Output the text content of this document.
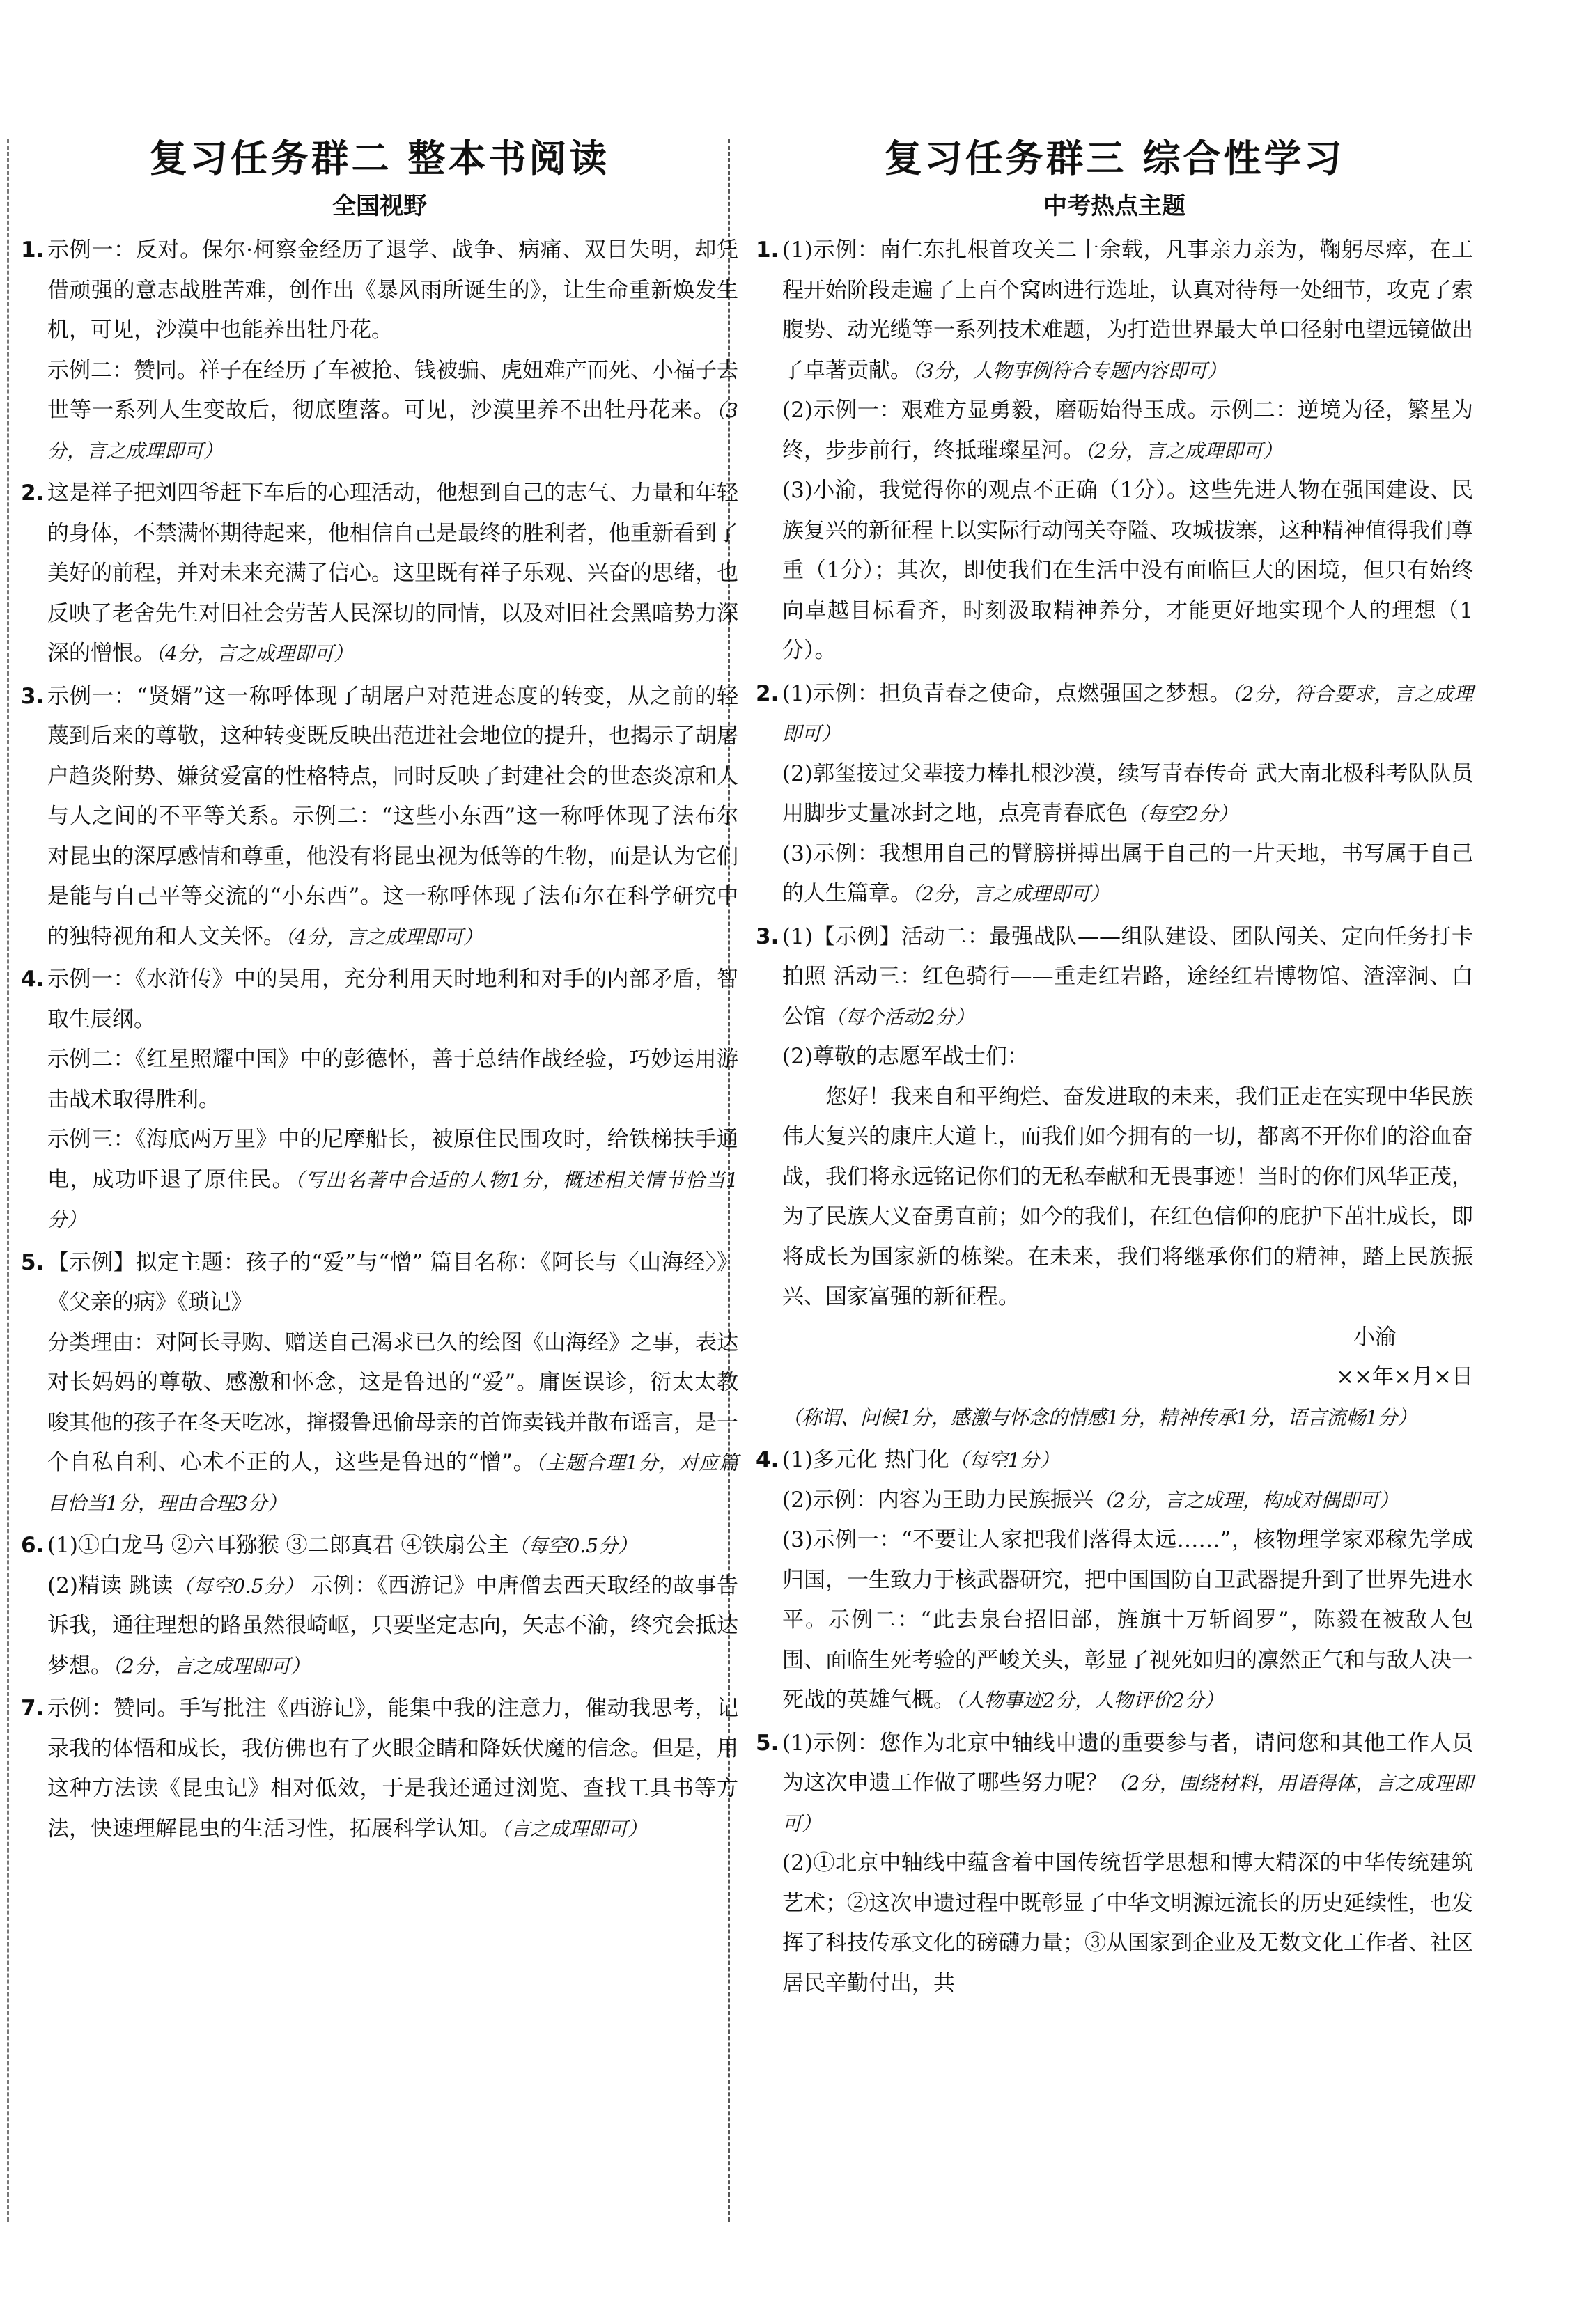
复习任务群二 整本书阅读
全国视野
1. 示例一：反对。保尔·柯察金经历了退学、战争、病痛、双目失明，却凭借顽强的意志战胜苦难，创作出《暴风雨所诞生的》，让生命重新焕发生机，可见，沙漠中也能养出牡丹花。

示例二：赞同。祥子在经历了车被抢、钱被骗、虎妞难产而死、小福子去世等一系列人生变故后，彻底堕落。可见，沙漠里养不出牡丹花来。（3分，言之成理即可）

2. 这是祥子把刘四爷赶下车后的心理活动，他想到自己的志气、力量和年轻的身体，不禁满怀期待起来，他相信自己是最终的胜利者，他重新看到了美好的前程，并对未来充满了信心。这里既有祥子乐观、兴奋的思绪，也反映了老舍先生对旧社会劳苦人民深切的同情，以及对旧社会黑暗势力深深的憎恨。（4分，言之成理即可）

3. 示例一：“贤婿”这一称呼体现了胡屠户对范进态度的转变，从之前的轻蔑到后来的尊敬，这种转变既反映出范进社会地位的提升，也揭示了胡屠户趋炎附势、嫌贫爱富的性格特点，同时反映了封建社会的世态炎凉和人与人之间的不平等关系。示例二：“这些小东西”这一称呼体现了法布尔对昆虫的深厚感情和尊重，他没有将昆虫视为低等的生物，而是认为它们是能与自己平等交流的“小东西”。这一称呼体现了法布尔在科学研究中的独特视角和人文关怀。（4分，言之成理即可）

4. 示例一：《水浒传》中的吴用，充分利用天时地利和对手的内部矛盾，智取生辰纲。

示例二：《红星照耀中国》中的彭德怀，善于总结作战经验，巧妙运用游击战术取得胜利。

示例三：《海底两万里》中的尼摩船长，被原住民围攻时，给铁梯扶手通电，成功吓退了原住民。（写出名著中合适的人物1分，概述相关情节恰当1分）

5. 【示例】拟定主题：孩子的“爱”与“憎” 篇目名称：《阿长与〈山海经〉》《父亲的病》《琐记》

分类理由：对阿长寻购、赠送自己渴求已久的绘图《山海经》之事，表达对长妈妈的尊敬、感激和怀念，这是鲁迅的“爱”。庸医误诊，衍太太教唆其他的孩子在冬天吃冰，撺掇鲁迅偷母亲的首饰卖钱并散布谣言，是一个自私自利、心术不正的人，这些是鲁迅的“憎”。（主题合理1分，对应篇目恰当1分，理由合理3分）

6. (1)①白龙马 ②六耳猕猴 ③二郎真君 ④铁扇公主（每空0.5分）

(2)精读 跳读（每空0.5分） 示例：《西游记》中唐僧去西天取经的故事告诉我，通往理想的路虽然很崎岖，只要坚定志向，矢志不渝，终究会抵达梦想。（2分，言之成理即可）

7. 示例：赞同。手写批注《西游记》，能集中我的注意力，催动我思考，记录我的体悟和成长，我仿佛也有了火眼金睛和降妖伏魔的信念。但是，用这种方法读《昆虫记》相对低效，于是我还通过浏览、查找工具书等方法，快速理解昆虫的生活习性，拓展科学认知。（言之成理即可）

复习任务群三 综合性学习
中考热点主题
1. (1)示例：南仁东扎根首攻关二十余载，凡事亲力亲为，鞠躬尽瘁，在工程开始阶段走遍了上百个窝凼进行选址，认真对待每一处细节，攻克了索腹势、动光缆等一系列技术难题，为打造世界最大单口径射电望远镜做出了卓著贡献。（3分，人物事例符合专题内容即可）

(2)示例一：艰难方显勇毅，磨砺始得玉成。示例二：逆境为径，繁星为终，步步前行，终抵璀璨星河。（2分，言之成理即可）

(3)小渝，我觉得你的观点不正确（1分）。这些先进人物在强国建设、民族复兴的新征程上以实际行动闯关夺隘、攻城拔寨，这种精神值得我们尊重（1分）；其次，即使我们在生活中没有面临巨大的困境，但只有始终向卓越目标看齐，时刻汲取精神养分，才能更好地实现个人的理想（1分）。

2. (1)示例：担负青春之使命，点燃强国之梦想。（2分，符合要求，言之成理即可）

(2)郭玺接过父辈接力棒扎根沙漠，续写青春传奇 武大南北极科考队队员用脚步丈量冰封之地，点亮青春底色（每空2分）

(3)示例：我想用自己的臂膀拼搏出属于自己的一片天地，书写属于自己的人生篇章。（2分，言之成理即可）

3. (1)【示例】活动二：最强战队——组队建设、团队闯关、定向任务打卡拍照 活动三：红色骑行——重走红岩路，途经红岩博物馆、渣滓洞、白公馆（每个活动2分）

(2)尊敬的志愿军战士们：

您好！我来自和平绚烂、奋发进取的未来，我们正走在实现中华民族伟大复兴的康庄大道上，而我们如今拥有的一切，都离不开你们的浴血奋战，我们将永远铭记你们的无私奉献和无畏事迹！当时的你们风华正茂，为了民族大义奋勇直前；如今的我们，在红色信仰的庇护下茁壮成长，即将成长为国家新的栋梁。在未来，我们将继承你们的精神，踏上民族振兴、国家富强的新征程。

小渝

××年×月×日

（称谓、问候1分，感激与怀念的情感1分，精神传承1分，语言流畅1分）

4. (1)多元化 热门化（每空1分）

(2)示例：内容为王助力民族振兴（2分，言之成理，构成对偶即可）

(3)示例一：“不要让人家把我们落得太远……”，核物理学家邓稼先学成归国，一生致力于核武器研究，把中国国防自卫武器提升到了世界先进水平。示例二：“此去泉台招旧部，旌旗十万斩阎罗”，陈毅在被敌人包围、面临生死考验的严峻关头，彰显了视死如归的凛然正气和与敌人决一死战的英雄气概。（人物事迹2分，人物评价2分）

5. (1)示例：您作为北京中轴线申遗的重要参与者，请问您和其他工作人员为这次申遗工作做了哪些努力呢？（2分，围绕材料，用语得体，言之成理即可）

(2)①北京中轴线中蕴含着中国传统哲学思想和博大精深的中华传统建筑艺术；②这次申遗过程中既彰显了中华文明源远流长的历史延续性，也发挥了科技传承文化的磅礴力量；③从国家到企业及无数文化工作者、社区居民辛勤付出，共
